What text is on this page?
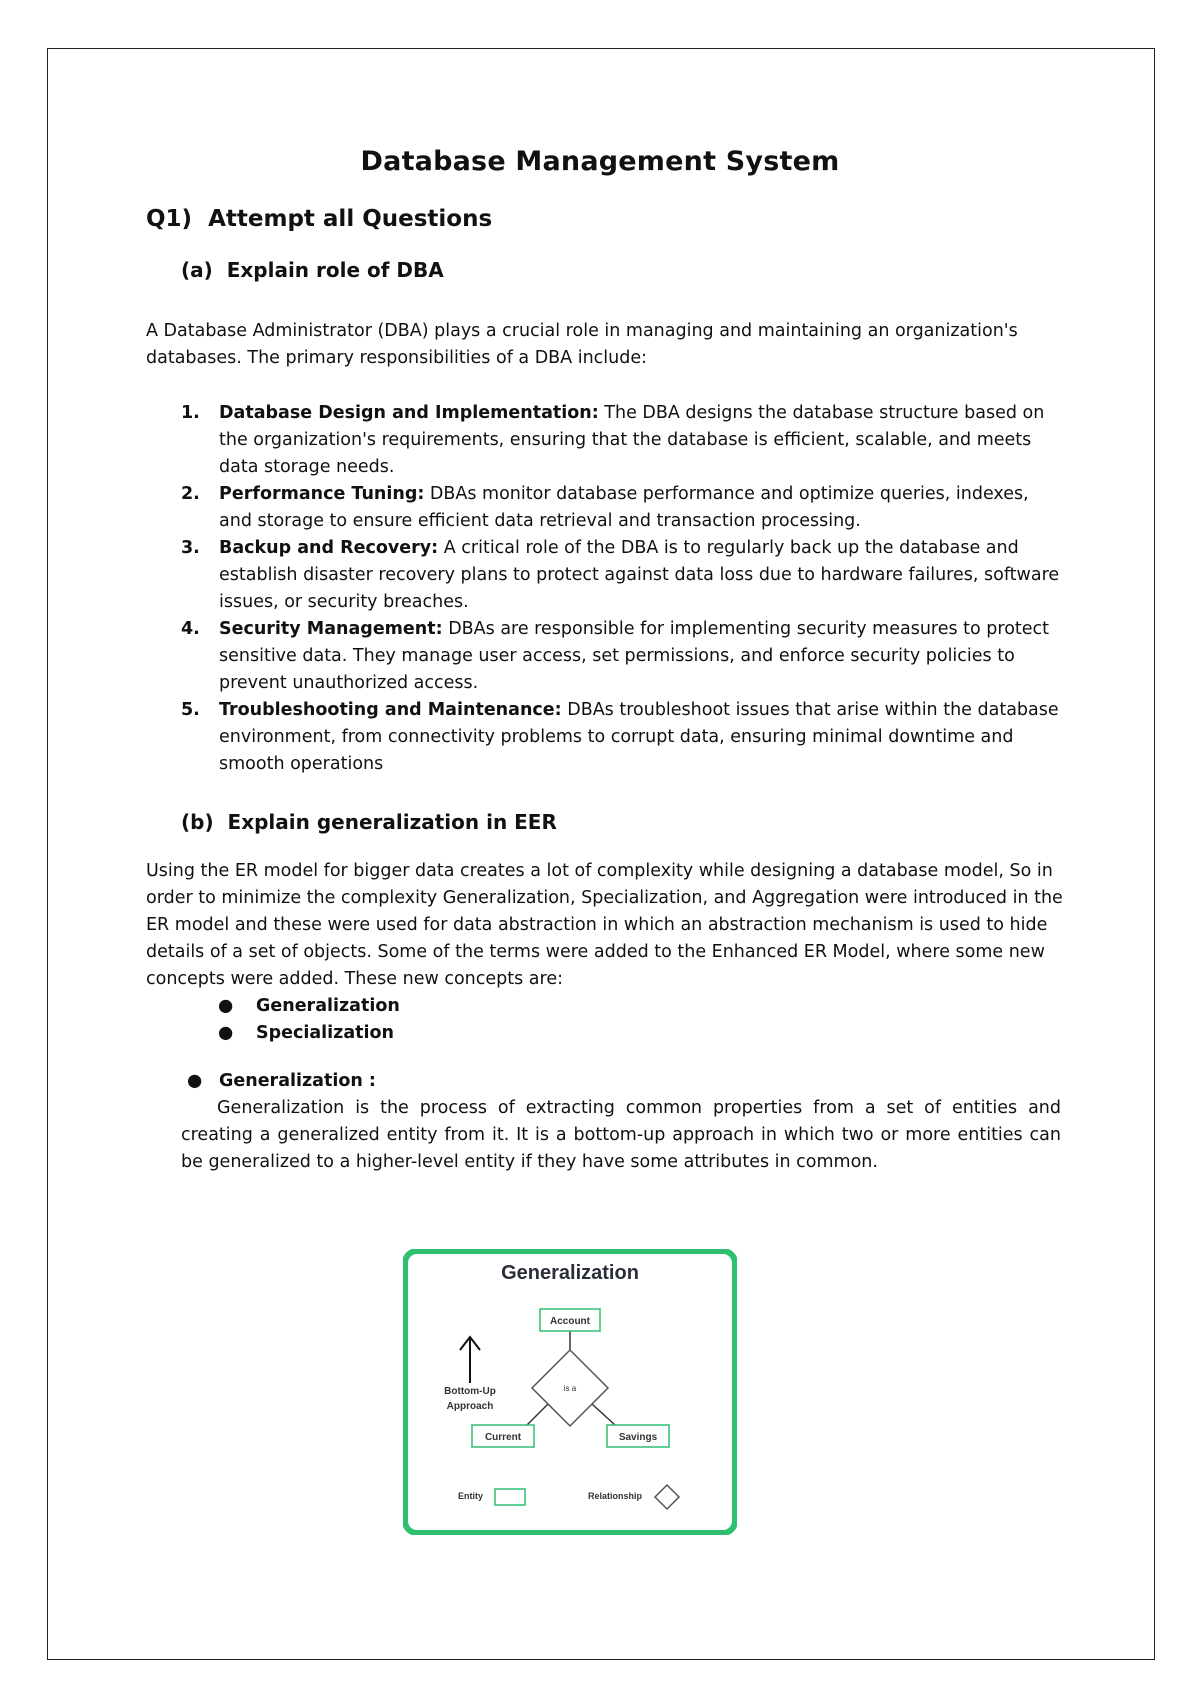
Database Management System
Q1) Attempt all Questions
(a) Explain role of DBA
A Database Administrator (DBA) plays a crucial role in managing and maintaining an organization's databases. The primary responsibilities of a DBA include:
1. Database Design and Implementation: The DBA designs the database structure based on the organization's requirements, ensuring that the database is efficient, scalable, and meets data storage needs.
2. Performance Tuning: DBAs monitor database performance and optimize queries, indexes, and storage to ensure efficient data retrieval and transaction processing.
3. Backup and Recovery: A critical role of the DBA is to regularly back up the database and establish disaster recovery plans to protect against data loss due to hardware failures, software issues, or security breaches.
4. Security Management: DBAs are responsible for implementing security measures to protect sensitive data. They manage user access, set permissions, and enforce security policies to prevent unauthorized access.
5. Troubleshooting and Maintenance: DBAs troubleshoot issues that arise within the database environment, from connectivity problems to corrupt data, ensuring minimal downtime and smooth operations
(b) Explain generalization in EER
Using the ER model for bigger data creates a lot of complexity while designing a database model, So in order to minimize the complexity Generalization, Specialization, and Aggregation were introduced in the ER model and these were used for data abstraction in which an abstraction mechanism is used to hide details of a set of objects. Some of the terms were added to the Enhanced ER Model, where some new concepts were added. These new concepts are:
● Generalization
● Specialization
● Generalization :
Generalization is the process of extracting common properties from a set of entities and creating a generalized entity from it. It is a bottom-up approach in which two or more entities can be generalized to a higher-level entity if they have some attributes in common.
Generalization
Account
is a
Current	Savings
Bottom-Up
Approach
Entity	Relationship
